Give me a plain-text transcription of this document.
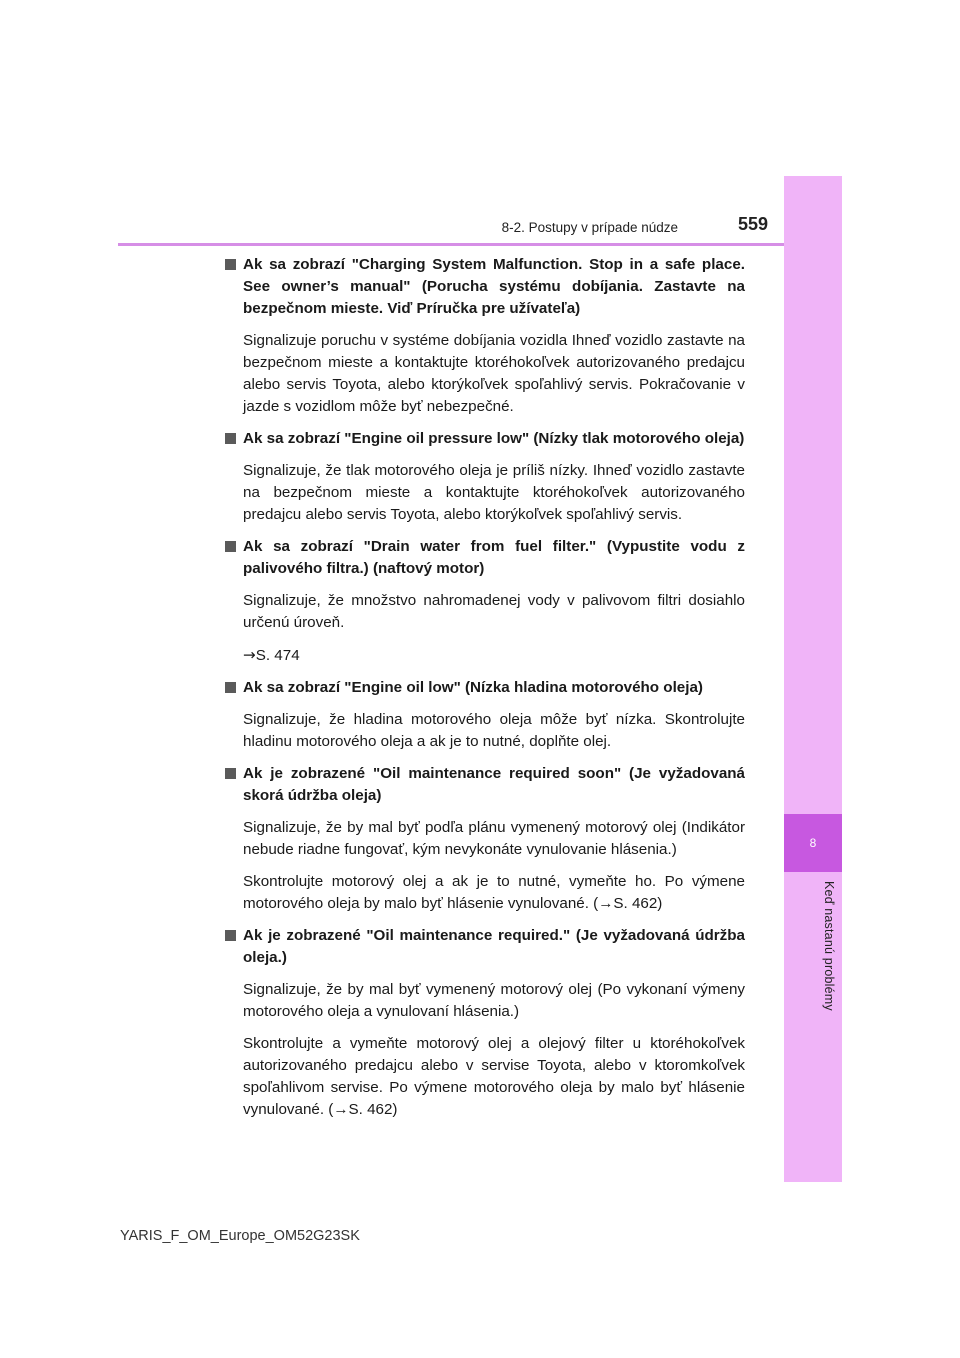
8
Keď nastanú problémy
8-2. Postupy v prípade núdze	559
Ak sa zobrazí "Charging System Malfunction. Stop in a safe place. See owner’s manual" (Porucha systému dobíjania. Zastavte na bezpečnom mieste. Viď Príručka pre užívateľa)

Signalizuje poruchu v systéme dobíjania vozidla Ihneď vozidlo zastavte na bezpečnom mieste a kontaktujte ktoréhokoľvek autorizovaného predajcu alebo servis Toyota, alebo ktorýkoľvek spoľahlivý servis. Pokračovanie v jazde s vozidlom môže byť nebezpečné.

Ak sa zobrazí "Engine oil pressure low" (Nízky tlak motorového oleja)

Signalizuje, že tlak motorového oleja je príliš nízky. Ihneď vozidlo zastavte na bezpečnom mieste a kontaktujte ktoréhokoľvek autorizovaného predajcu alebo servis Toyota, alebo ktorýkoľvek spoľahlivý servis.

Ak sa zobrazí "Drain water from fuel filter." (Vypustite vodu z palivového filtra.) (naftový motor)

Signalizuje, že množstvo nahromadenej vody v palivovom filtri dosiahlo určenú úroveň.

→S. 474

Ak sa zobrazí "Engine oil low" (Nízka hladina motorového oleja)

Signalizuje, že hladina motorového oleja môže byť nízka. Skontrolujte hladinu motorového oleja a ak je to nutné, doplňte olej.

Ak je zobrazené "Oil maintenance required soon" (Je vyžadovaná skorá údržba oleja)

Signalizuje, že by mal byť podľa plánu vymenený motorový olej (Indikátor nebude riadne fungovať, kým nevykonáte vynulovanie hlásenia.)

Skontrolujte motorový olej a ak je to nutné, vymeňte ho. Po výmene motorového oleja by malo byť hlásenie vynulované. (→S. 462)

Ak je zobrazené "Oil maintenance required." (Je vyžadovaná údržba oleja.)

Signalizuje, že by mal byť vymenený motorový olej (Po vykonaní výmeny motorového oleja a vynulovaní hlásenia.)

Skontrolujte a vymeňte motorový olej a olejový filter u ktoréhokoľvek autorizovaného predajcu alebo v servise Toyota, alebo v ktoromkoľvek spoľahlivom servise. Po výmene motorového oleja by malo byť hlásenie vynulované. (→S. 462)

YARIS_F_OM_Europe_OM52G23SK
